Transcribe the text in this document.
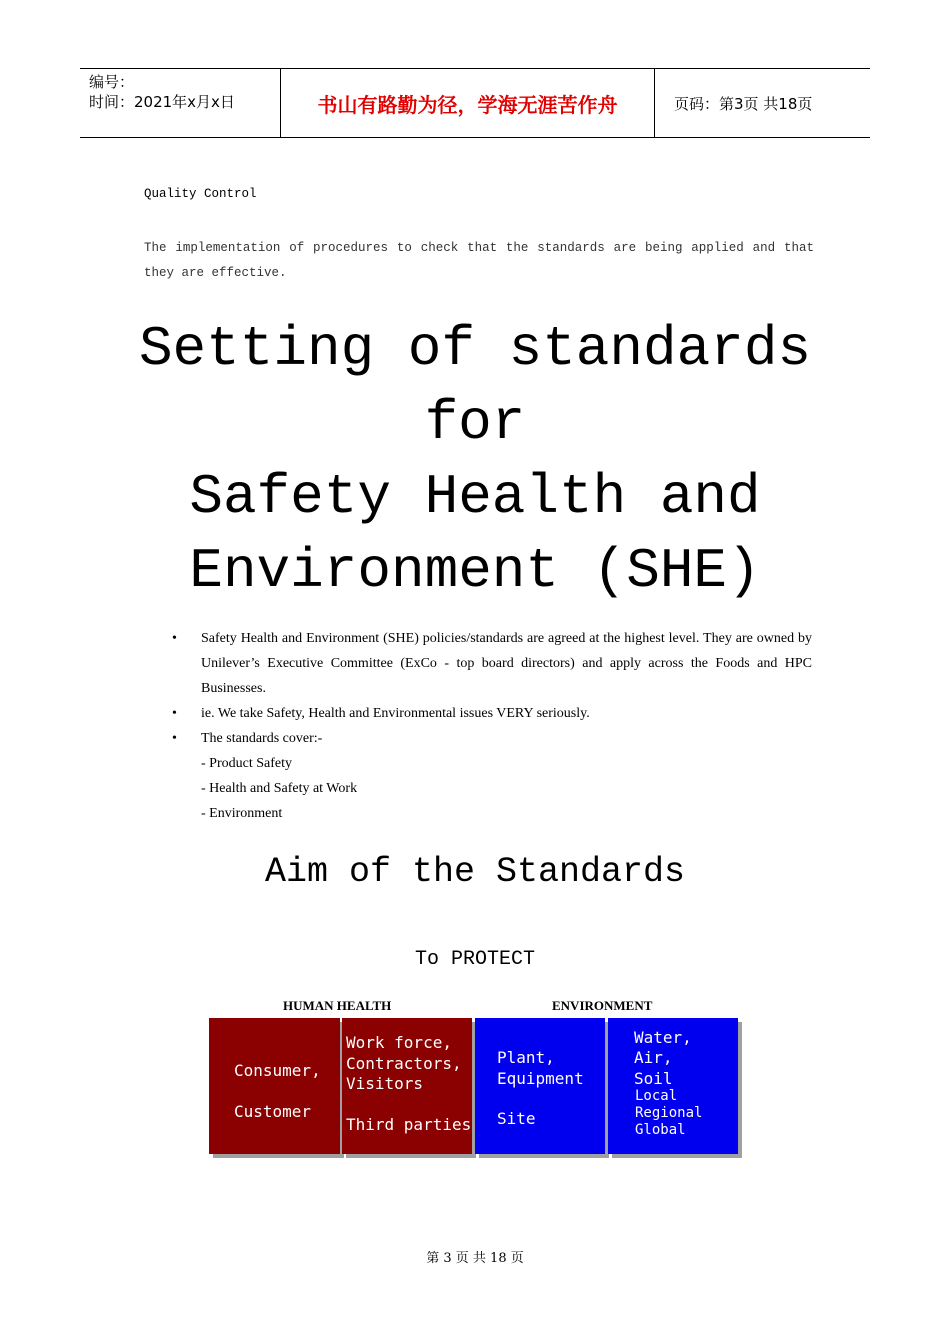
编号：
时间：2021年x月x日	书山有路勤为径，学海无涯苦作舟	页码：第3页 共18页
Quality Control
The implementation of procedures to check that the standards are being applied and that they are effective.
Setting of standards
for
Safety Health and
Environment (SHE)
• Safety Health and Environment (SHE) policies/standards are agreed at the highest level. They are owned by Unilever’s Executive Committee (ExCo - top board directors) and apply across the Foods and HPC Businesses.
• ie. We take Safety, Health and Environmental issues VERY seriously.
• The standards cover:-
- Product Safety
- Health and Safety at Work
- Environment
Aim of the Standards
To PROTECT
HUMAN HEALTH	ENVIRONMENT
Consumer,
Customer
Work force,
Contractors,
Visitors
Third parties
Plant,
Equipment
Site
Water,
Air,
Soil
Local
Regional
Global
第 3 页 共 18 页
